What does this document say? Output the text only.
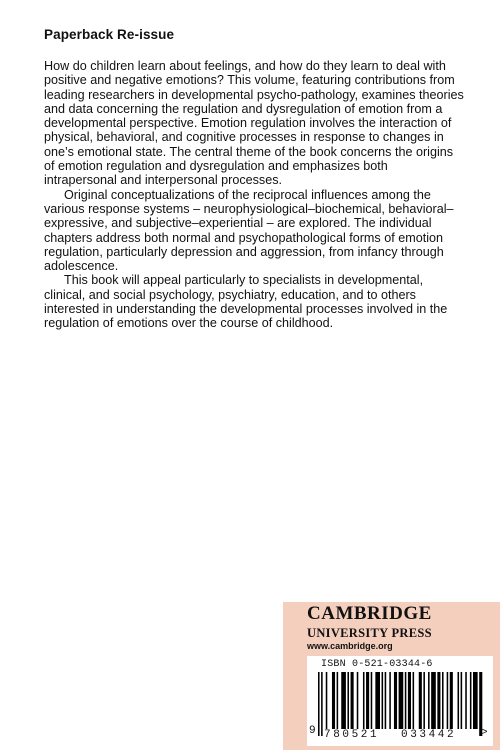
Paperback Re-issue

How do children learn about feelings, and how do they learn to deal with positive and negative emotions? This volume, featuring contributions from leading researchers in developmental psycho-pathology, examines theories and data concerning the regulation and dysregulation of emotion from a developmental perspective. Emotion regulation involves the interaction of physical, behavioral, and cognitive processes in response to changes in one’s emotional state. The central theme of the book concerns the origins of emotion regulation and dysregulation and emphasizes both intrapersonal and interpersonal processes.

Original conceptualizations of the reciprocal influences among the various response systems – neurophysiological–biochemical, behavioral–expressive, and subjective–experiential – are explored. The individual chapters address both normal and psychopathological forms of emotion regulation, particularly depression and aggression, from infancy through adolescence.

This book will appeal particularly to specialists in developmental, clinical, and social psychology, psychiatry, education, and to others interested in understanding the developmental processes involved in the regulation of emotions over the course of childhood.

CAMBRIDGE
UNIVERSITY PRESS
www.cambridge.org
ISBN 0-521-03344-6
9 780521 033442 >
